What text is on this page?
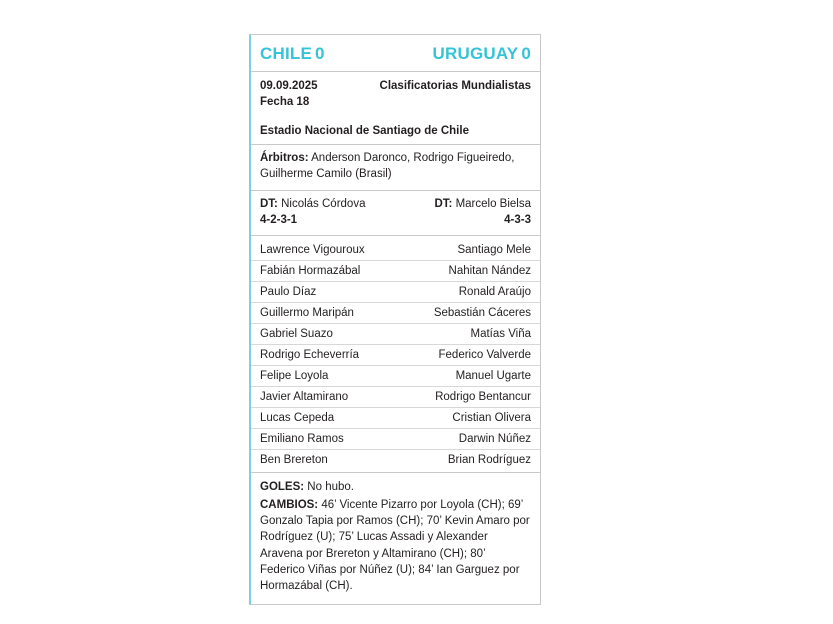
CHILE 0	URUGUAY 0
09.09.2025
Fecha 18
Clasificatorias Mundialistas
Estadio Nacional de Santiago de Chile
Árbitros: Anderson Daronco, Rodrigo Figueiredo, Guilherme Camilo (Brasil)
DT: Nicolás Córdova
4-2-3-1
DT: Marcelo Bielsa
4-3-3
Lawrence Vigouroux	Santiago Mele
Fabián Hormazábal	Nahitan Nández
Paulo Díaz	Ronald Araújo
Guillermo Maripán	Sebastián Cáceres
Gabriel Suazo	Matías Viña
Rodrigo Echeverría	Federico Valverde
Felipe Loyola	Manuel Ugarte
Javier Altamirano	Rodrigo Bentancur
Lucas Cepeda	Cristian Olivera
Emiliano Ramos	Darwin Núñez
Ben Brereton	Brian Rodríguez

GOLES: No hubo.

CAMBIOS: 46’ Vicente Pizarro por Loyola (CH); 69’ Gonzalo Tapia por Ramos (CH); 70’ Kevin Amaro por Rodríguez (U); 75’ Lucas Assadi y Alexander Aravena por Brereton y Altamirano (CH); 80’ Federico Viñas por Núñez (U); 84’ Ian Garguez por Hormazábal (CH).
